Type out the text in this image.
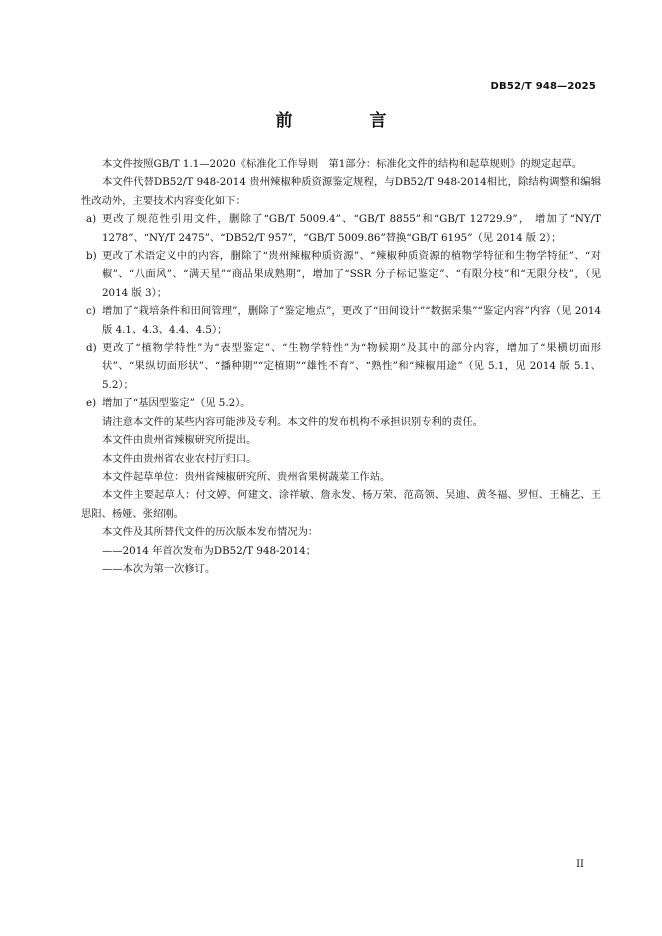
DB52/T 948—2025
前　言

本文件按照GB/T 1.1—2020《标准化工作导则　第1部分：标准化文件的结构和起草规则》的规定起草。

本文件代替DB52/T 948-2014 贵州辣椒种质资源鉴定规程，与DB52/T 948-2014相比，除结构调整和编辑性改动外，主要技术内容变化如下：

a) 更改了规范性引用文件，删除了“GB/T 5009.4”、“GB/T 8855”和“GB/T 12729.9”， 增加了“NY/T 1278”、“NY/T 2475”、“DB52/T 957”，“GB/T 5009.86”替换“GB/T 6195”（见 2014 版 2）；

b) 更改了术语定义中的内容，删除了“贵州辣椒种质资源”、“辣椒种质资源的植物学特征和生物学特征”、“对椒”、“八面风”、“满天星”“商品果成熟期”，增加了“SSR 分子标记鉴定”、“有限分枝”和“无限分枝”，（见 2014 版 3）；

c) 增加了“栽培条件和田间管理”，删除了“鉴定地点”，更改了“田间设计”“数据采集”“鉴定内容”内容（见 2014 版 4.1、4.3、4.4、4.5）；

d) 更改了“植物学特性”为“表型鉴定”、“生物学特性”为“物候期”及其中的部分内容，增加了“果横切面形状”、“果纵切面形状”、“播种期”“定植期”“雄性不育”、“熟性”和“辣椒用途”（见 5.1，见 2014 版 5.1、5.2）；

e) 增加了“基因型鉴定”（见 5.2）。

请注意本文件的某些内容可能涉及专利。本文件的发布机构不承担识别专利的责任。

本文件由贵州省辣椒研究所提出。

本文件由贵州省农业农村厅归口。

本文件起草单位：贵州省辣椒研究所、贵州省果树蔬菜工作站。

本文件主要起草人：付文婷、何建文、涂祥敏、詹永发、杨万荣、范高领、吴迪、黄冬福、罗恒、王楠艺、王思阳、杨娅、张绍刚。

本文件及其所替代文件的历次版本发布情况为：

——2014 年首次发布为DB52/T 948-2014；

——本次为第一次修订。

II
